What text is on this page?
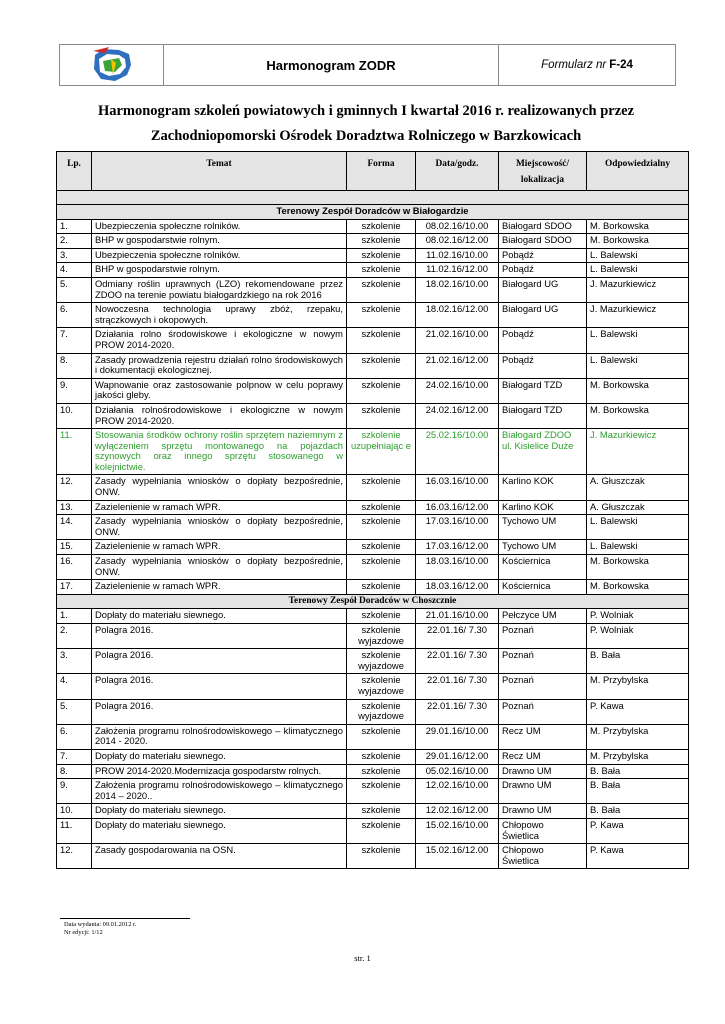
Harmonogram ZODR	Formularz nr F-24
Harmonogram szkoleń powiatowych i gminnych I kwartał 2016 r. realizowanych przez
Zachodniopomorski Ośrodek Doradztwa Rolniczego w Barzkowicach
Lp.	Temat	Forma	Data/godz.	Miejscowość/ lokalizacja	Odpowiedzialny

Terenowy Zespół Doradców w Białogardzie					
1.	Ubezpieczenia społeczne rolników.	szkolenie	08.02.16/10.00	Białogard SDOO	M. Borkowska
2.	BHP w gospodarstwie rolnym.	szkolenie	08.02.16/12.00	Białogard SDOO	M. Borkowska
3.	Ubezpieczenia społeczne rolników.	szkolenie	11.02.16/10.00	Pobądź	L. Balewski
4.	BHP w gospodarstwie rolnym.	szkolenie	11.02.16/12.00	Pobądź	L. Balewski
5.	Odmiany roślin uprawnych (LZO) rekomendowane przez ZDOO na terenie powiatu białogardzkiego na rok 2016	szkolenie	18.02.16/10.00	Białogard UG	J. Mazurkiewicz
6.	Nowoczesna technologia uprawy zbóż, rzepaku, strączkowych i okopowych.	szkolenie	18.02.16/12.00	Białogard UG	J. Mazurkiewicz
7.	Działania rolno środowiskowe i ekologiczne w nowym PROW 2014-2020.	szkolenie	21.02.16/10.00	Pobądź	L. Balewski
8.	Zasady prowadzenia rejestru działań rolno środowiskowych i dokumentacji ekologicznej.	szkolenie	21.02.16/12.00	Pobądź	L. Balewski
9.	Wapnowanie oraz zastosowanie polpnow w celu poprawy jakości gleby.	szkolenie	24.02.16/10.00	Białogard TZD	M. Borkowska
10.	Działania rolnośrodowiskowe i ekologiczne w nowym PROW 2014-2020.	szkolenie	24.02.16/12.00	Białogard TZD	M. Borkowska
11.	Stosowania środków ochrony roślin sprzętem naziemnym z wyłączeniem sprzętu montowanego na pojazdach szynowych oraz innego sprzętu stosowanego w kolejnictwie.	szkolenie uzupełniając e	25.02.16/10.00	Białogard ZDOO ul. Kisielice Duże	J. Mazurkiewicz
12.	Zasady wypełniania wniosków o dopłaty bezpośrednie, ONW.	szkolenie	16.03.16/10.00	Karlino KOK	A. Głuszczak
13.	Zazielenienie w ramach WPR.	szkolenie	16.03.16/12.00	Karlino KOK	A. Głuszczak
14.	Zasady wypełniania wniosków o dopłaty bezpośrednie, ONW.	szkolenie	17.03.16/10.00	Tychowo UM	L. Balewski
15.	Zazielenienie w ramach WPR.	szkolenie	17.03.16/12.00	Tychowo UM	L. Balewski
16.	Zasady wypełniania wniosków o dopłaty bezpośrednie, ONW.	szkolenie	18.03.16/10.00	Kościernica	M. Borkowska
17.	Zazielenienie w ramach WPR.	szkolenie	18.03.16/12.00	Kościernica	M. Borkowska
Terenowy Zespół Doradców w Choszcznie					
1.	Dopłaty do materiału siewnego.	szkolenie	21.01.16/10.00	Pełczyce UM	P. Wolniak
2.	Polagra 2016.	szkolenie wyjazdowe	22.01.16/ 7.30	Poznań	P. Wolniak
3.	Polagra 2016.	szkolenie wyjazdowe	22.01.16/ 7.30	Poznań	B. Bała
4.	Polagra 2016.	szkolenie wyjazdowe	22.01.16/ 7.30	Poznań	M. Przybylska
5.	Polagra 2016.	szkolenie wyjazdowe	22.01.16/ 7.30	Poznań	P. Kawa
6.	Założenia programu rolnośrodowiskowego – klimatycznego 2014 - 2020.	szkolenie	29.01.16/10.00	Recz UM	M. Przybylska
7.	Dopłaty do materiału siewnego.	szkolenie	29.01.16/12.00	Recz UM	M. Przybylska
8.	PROW 2014-2020.Modernizacja gospodarstw rolnych.	szkolenie	05.02.16/10.00	Drawno UM	B. Bała
9.	Założenia programu rolnośrodowiskowego – klimatycznego 2014 – 2020..	szkolenie	12.02.16/10.00	Drawno UM	B. Bała
10.	Dopłaty do materiału siewnego.	szkolenie	12.02.16/12.00	Drawno UM	B. Bała
11.	Dopłaty do materiału siewnego.	szkolenie	15.02.16/10.00	Chłopowo Świetlica	P. Kawa
12.	Zasady gospodarowania na OSN.	szkolenie	15.02.16/12.00	Chłopowo Świetlica	P. Kawa
Data wydania: 09.01.2012 r.
Nr edycji: 1/12
str. 1
